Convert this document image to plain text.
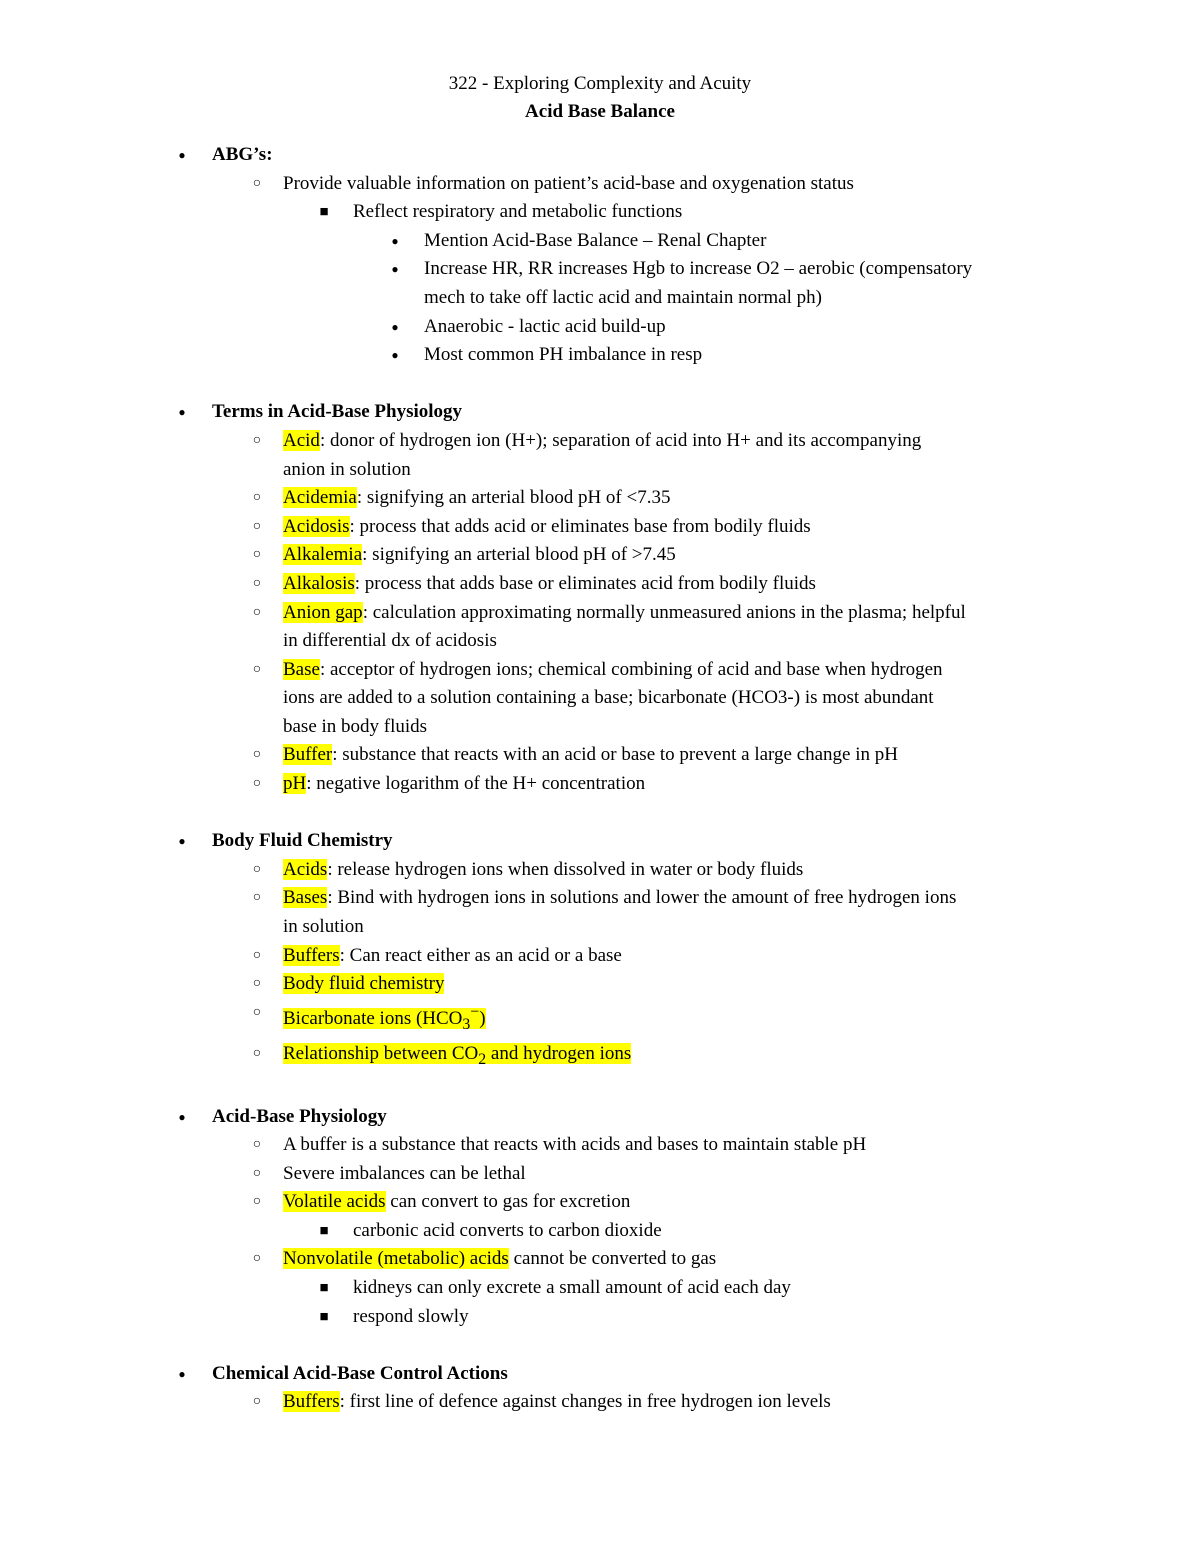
322 - Exploring Complexity and Acuity
Acid Base Balance
●	ABG’s:
○	Provide valuable information on patient’s acid-base and oxygenation status
■ Reflect respiratory and metabolic functions
●	Mention Acid-Base Balance – Renal Chapter
●	Increase HR, RR increases Hgb to increase O2 – aerobic (compensatory
mech to take off lactic acid and maintain normal ph)
●	Anaerobic - lactic acid build-up
●	Most common PH imbalance in resp
●	Terms in Acid-Base Physiology
○	Acid: donor of hydrogen ion (H+); separation of acid into H+ and its accompanying
anion in solution
○	Acidemia: signifying an arterial blood pH of <7.35
○	Acidosis: process that adds acid or eliminates base from bodily fluids
○	Alkalemia: signifying an arterial blood pH of >7.45
○	Alkalosis: process that adds base or eliminates acid from bodily fluids
○	Anion gap: calculation approximating normally unmeasured anions in the plasma; helpful
in differential dx of acidosis
○	Base: acceptor of hydrogen ions; chemical combining of acid and base when hydrogen
ions are added to a solution containing a base; bicarbonate (HCO3-) is most abundant
base in body fluids
○	Buffer: substance that reacts with an acid or base to prevent a large change in pH
○	pH: negative logarithm of the H+ concentration
●	Body Fluid Chemistry
○	Acids: release hydrogen ions when dissolved in water or body fluids
○	Bases: Bind with hydrogen ions in solutions and lower the amount of free hydrogen ions
in solution
○	Buffers: Can react either as an acid or a base
○	Body fluid chemistry
○	Bicarbonate ions $(HCO_3^-)$
○	Relationship between $CO_2$ and hydrogen ions
●	Acid-Base Physiology
○	A buffer is a substance that reacts with acids and bases to maintain stable pH
○	Severe imbalances can be lethal
○	Volatile acids can convert to gas for excretion
■ carbonic acid converts to carbon dioxide
○	Nonvolatile (metabolic) acids cannot be converted to gas
■ kidneys can only excrete a small amount of acid each day
■ respond slowly
●	Chemical Acid-Base Control Actions
○	Buffers: first line of defence against changes in free hydrogen ion levels
